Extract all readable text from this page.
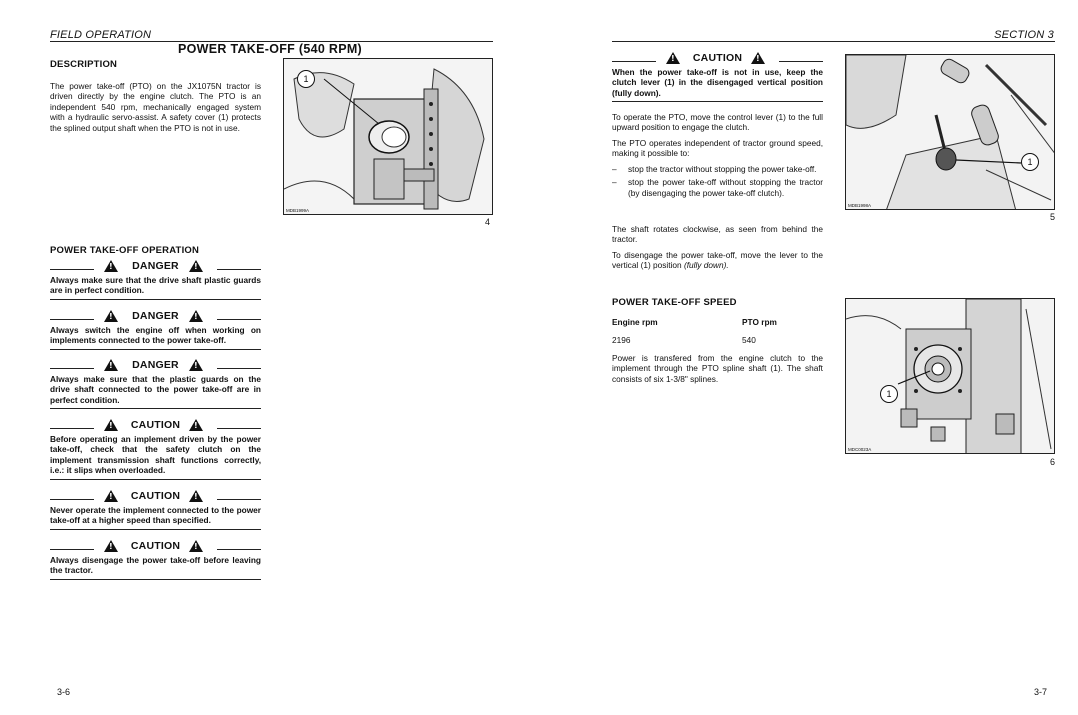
FIELD OPERATION
POWER TAKE-OFF (540 RPM)
DESCRIPTION
The power take-off (PTO) on the JX1075N tractor is driven directly by the engine clutch. The PTO is an independent 540 rpm, mechanically engaged system with a hydraulic servo-assist. A safety cover (1) protects the splined output shaft when the PTO is not in use.
1
MDB1999A
4
POWER TAKE-OFF OPERATION
!
DANGER
!
Always make sure that the drive shaft plastic guards are in perfect condition.
!
DANGER
!
Always switch the engine off when working on implements connected to the power take-off.
!
DANGER
!
Always make sure that the plastic guards on the drive shaft connected to the power take-off are in perfect condition.
!
CAUTION
!
Before operating an implement driven by the power take-off, check that the safety clutch on the implement transmission shaft functions correctly, i.e.: it slips when overloaded.
!
CAUTION
!
Never operate the implement connected to the power take-off at a higher speed than specified.
!
CAUTION
!
Always disengage the power take-off before leaving the tractor.
3-6
SECTION 3
!
CAUTION
!
When the power take-off is not in use, keep the clutch lever (1) in the disengaged vertical position (fully down).
To operate the PTO, move the control lever (1) to the full upward position to engage the clutch.
The PTO operates independent of tractor ground speed, making it possible to:
– stop the tractor without stopping the power take-off.
– stop the power take-off without stopping the tractor (by disengaging the power take-off clutch).
The shaft rotates clockwise, as seen from behind the tractor.
To disengage the power take-off, move the lever to the vertical (1) position (fully down).
1
MDB1998A
5
POWER TAKE-OFF SPEED
Engine rpm	PTO rpm
2196	540
Power is transfered from the engine clutch to the implement through the PTO spline shaft (1). The shaft consists of six 1-3/8" splines.
1
MDC0023A
6
3-7
